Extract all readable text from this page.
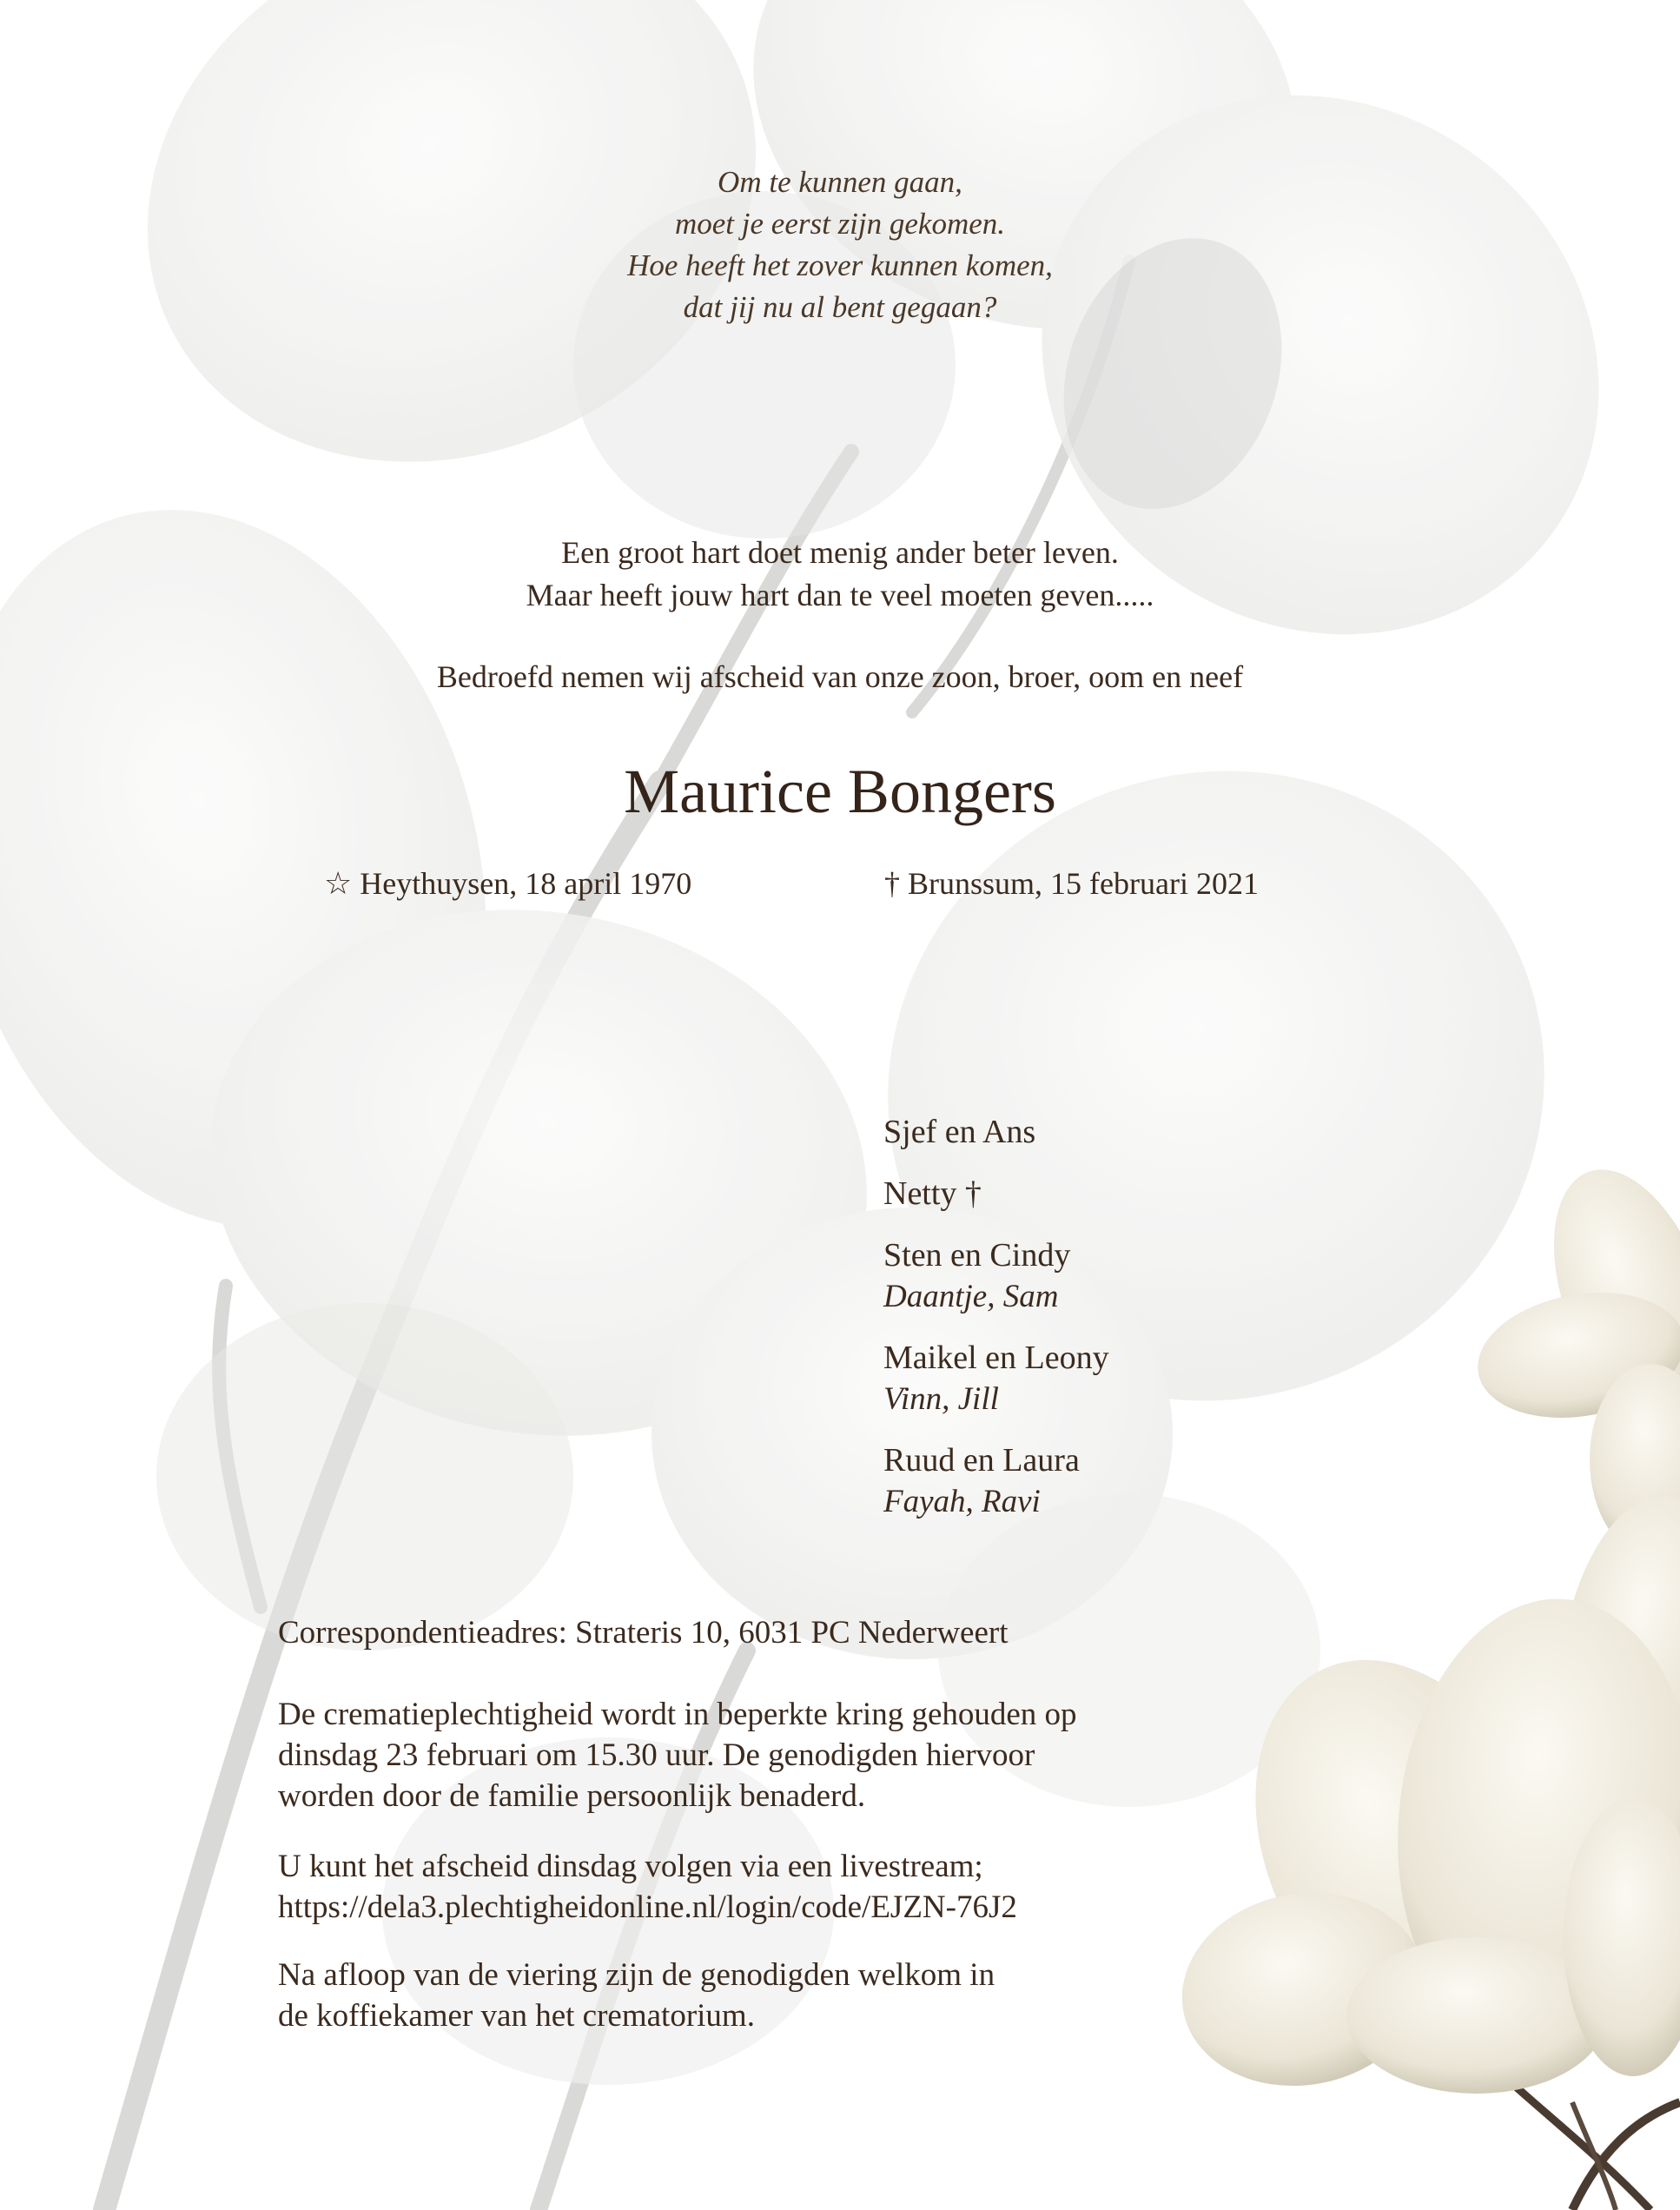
Om te kunnen gaan,
moet je eerst zijn gekomen.
Hoe heeft het zover kunnen komen,
dat jij nu al bent gegaan?
Een groot hart doet menig ander beter leven.
Maar heeft jouw hart dan te veel moeten geven.....
Bedroefd nemen wij afscheid van onze zoon, broer, oom en neef
Maurice Bongers
☆ Heythuysen, 18 april 1970	† Brunssum, 15 februari 2021
Sjef en Ans
Netty †
Sten en Cindy
Daantje, Sam
Maikel en Leony
Vinn, Jill
Ruud en Laura
Fayah, Ravi
Correspondentieadres: Strateris 10, 6031 PC Nederweert
De crematieplechtigheid wordt in beperkte kring gehouden op
dinsdag 23 februari om 15.30 uur. De genodigden hiervoor
worden door de familie persoonlijk benaderd.
U kunt het afscheid dinsdag volgen via een livestream;
https://dela3.plechtigheidonline.nl/login/code/EJZN-76J2
Na afloop van de viering zijn de genodigden welkom in
de koffiekamer van het crematorium.
